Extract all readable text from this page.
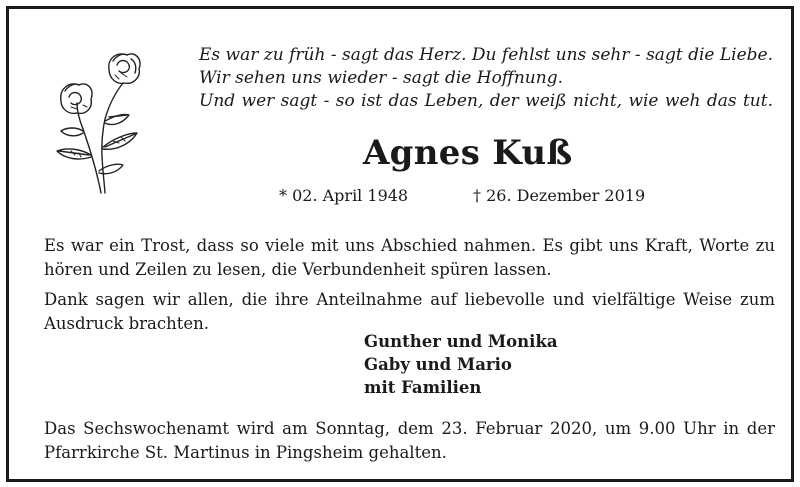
Es war zu früh - sagt das Herz. Du fehlst uns sehr - sagt die Liebe.
Wir sehen uns wieder - sagt die Hoffnung.
Und wer sagt - so ist das Leben, der weiß nicht, wie weh das tut.
Agnes Kuß
* 02. April 1948	† 26. Dezember 2019
Es war ein Trost, dass so viele mit uns Abschied nahmen. Es gibt uns Kraft, Worte zu
hören und Zeilen zu lesen, die Verbundenheit spüren lassen.
Dank sagen wir allen, die ihre Anteilnahme auf liebevolle und vielfältige Weise zum
Ausdruck brachten.
Gunther und Monika
Gaby und Mario
mit Familien
Das Sechswochenamt wird am Sonntag, dem 23. Februar 2020, um 9.00 Uhr in der
Pfarrkirche St. Martinus in Pingsheim gehalten.
